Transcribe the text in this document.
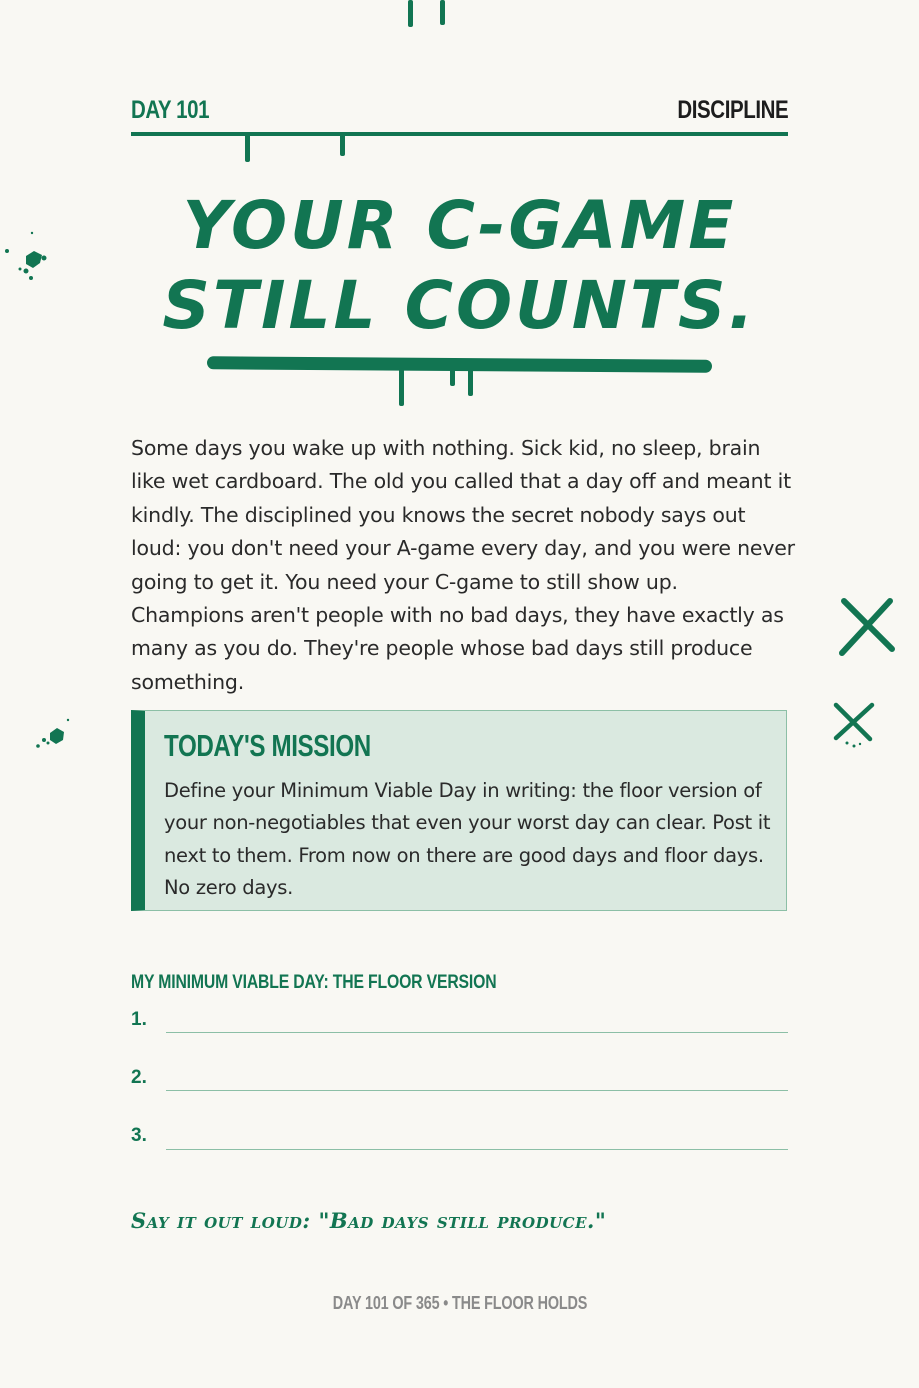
DAY 101	DISCIPLINE
YOUR C-GAME
STILL COUNTS.
Some days you wake up with nothing. Sick kid, no sleep, brain like wet cardboard. The old you called that a day off and meant it kindly. The disciplined you knows the secret nobody says out loud: you don't need your A-game every day, and you were never going to get it. You need your C-game to still show up. Champions aren't people with no bad days, they have exactly as many as you do. They're people whose bad days still produce something.
TODAY'S MISSION
Define your Minimum Viable Day in writing: the floor version of your non-negotiables that even your worst day can clear. Post it next to them. From now on there are good days and floor days. No zero days.
MY MINIMUM VIABLE DAY: THE FLOOR VERSION
1.
2.
3.
Say it out loud: "Bad days still produce."
DAY 101 OF 365 • THE FLOOR HOLDS
